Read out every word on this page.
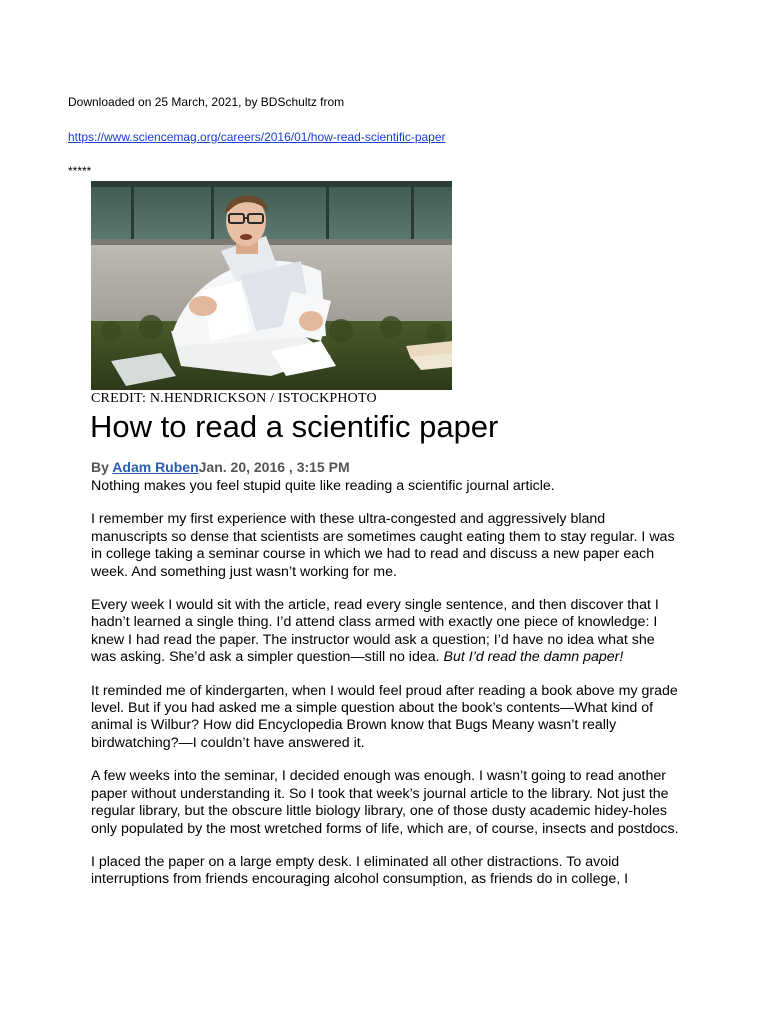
Downloaded on 25 March, 2021, by BDSchultz from
https://www.sciencemag.org/careers/2016/01/how-read-scientific-paper
*****
CREDIT: N.HENDRICKSON / ISTOCKPHOTO
How to read a scientific paper
By Adam RubenJan. 20, 2016 , 3:15 PM

Nothing makes you feel stupid quite like reading a scientific journal article.

I remember my first experience with these ultra-congested and aggressively bland manuscripts so dense that scientists are sometimes caught eating them to stay regular. I was in college taking a seminar course in which we had to read and discuss a new paper each week. And something just wasn’t working for me.

Every week I would sit with the article, read every single sentence, and then discover that I hadn’t learned a single thing. I’d attend class armed with exactly one piece of knowledge: I knew I had read the paper. The instructor would ask a question; I’d have no idea what she was asking. She’d ask a simpler question—still no idea. But I’d read the damn paper!

It reminded me of kindergarten, when I would feel proud after reading a book above my grade level. But if you had asked me a simple question about the book’s contents—What kind of animal is Wilbur? How did Encyclopedia Brown know that Bugs Meany wasn’t really birdwatching?—I couldn’t have answered it.

A few weeks into the seminar, I decided enough was enough. I wasn’t going to read another paper without understanding it. So I took that week’s journal article to the library. Not just the regular library, but the obscure little biology library, one of those dusty academic hidey-holes only populated by the most wretched forms of life, which are, of course, insects and postdocs.

I placed the paper on a large empty desk. I eliminated all other distractions. To avoid interruptions from friends encouraging alcohol consumption, as friends do in college, I
